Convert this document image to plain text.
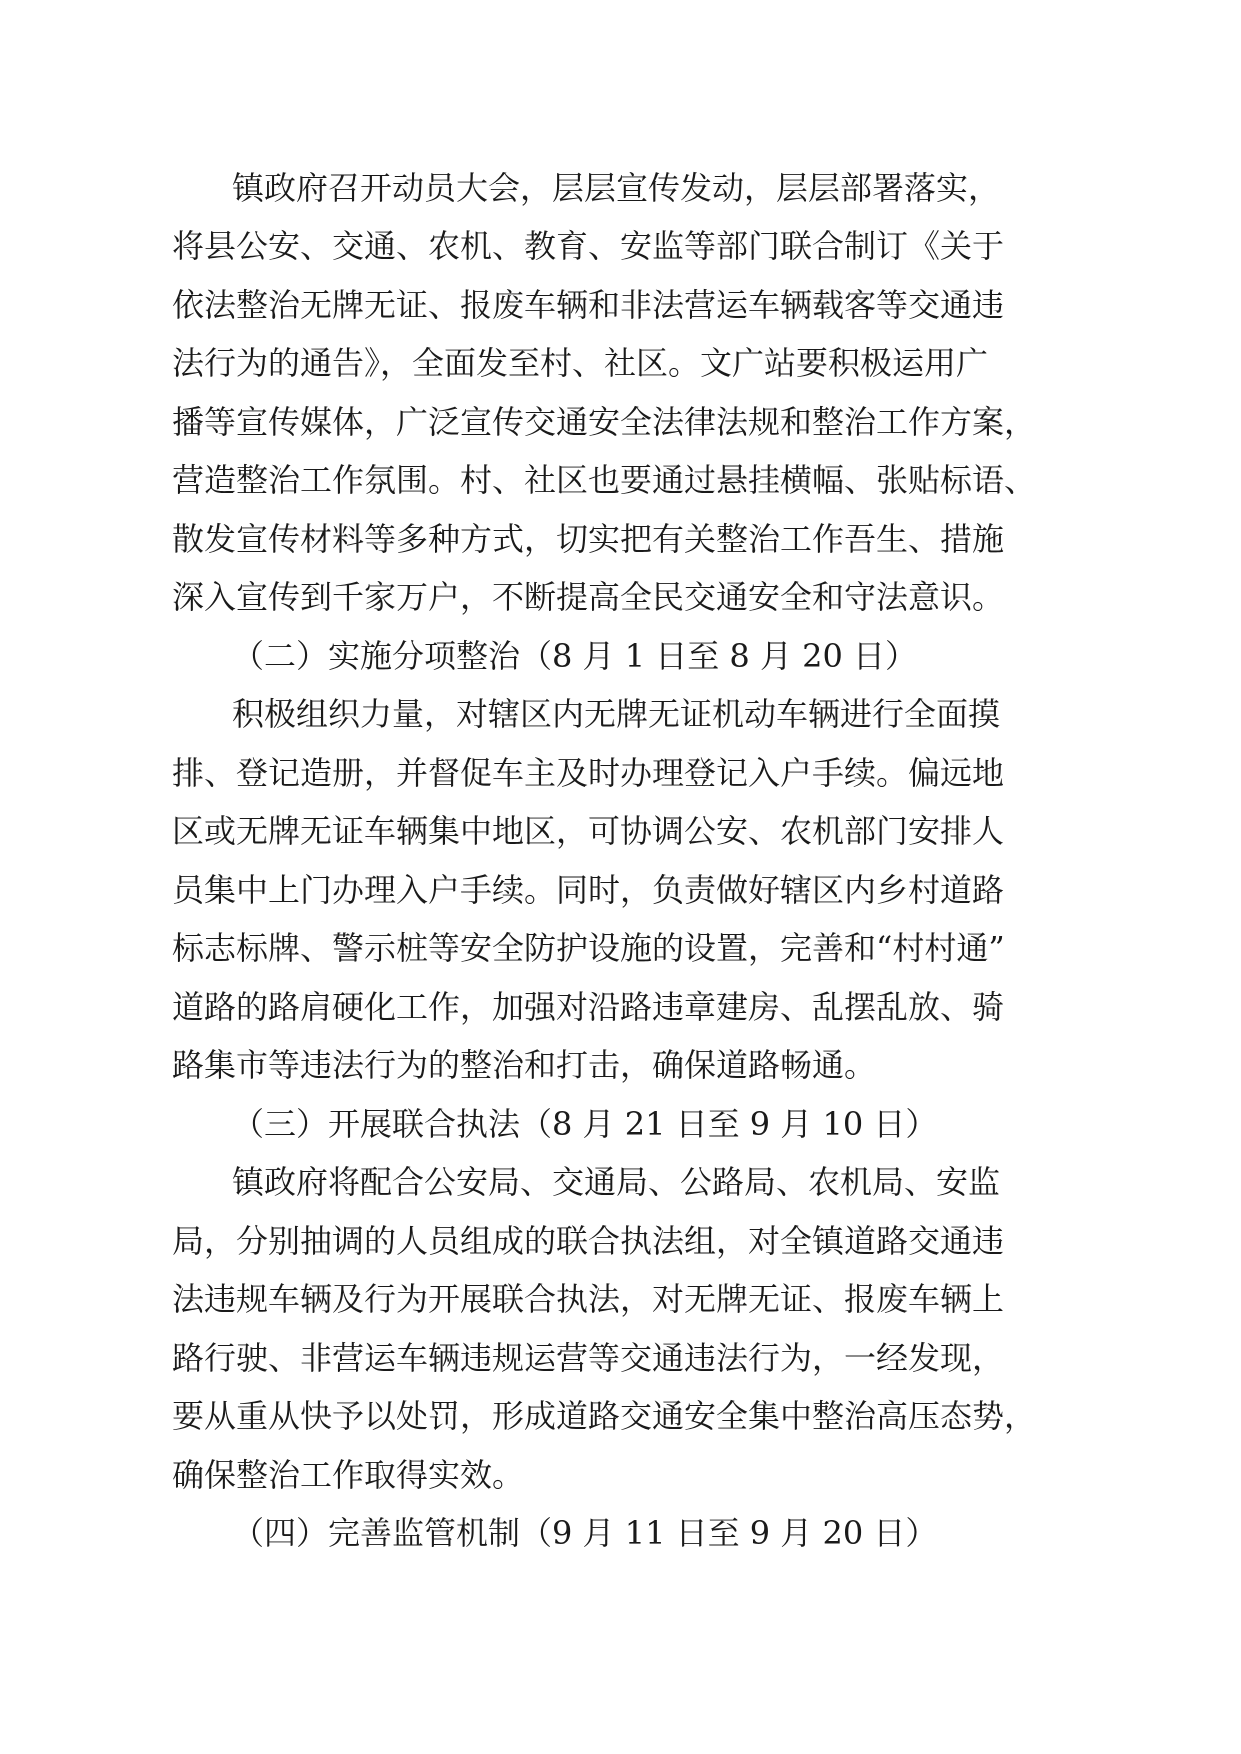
镇政府召开动员大会，层层宣传发动，层层部署落实，
将县公安、交通、农机、教育、安监等部门联合制订《关于
依法整治无牌无证、报废车辆和非法营运车辆载客等交通违
法行为的通告》，全面发至村、社区。文广站要积极运用广
播等宣传媒体，广泛宣传交通安全法律法规和整治工作方案，
营造整治工作氛围。村、社区也要通过悬挂横幅、张贴标语、
散发宣传材料等多种方式，切实把有关整治工作吾生、措施
深入宣传到千家万户，不断提高全民交通安全和守法意识。
（二）实施分项整治（8 月 1 日至 8 月 20 日）
积极组织力量，对辖区内无牌无证机动车辆进行全面摸
排、登记造册，并督促车主及时办理登记入户手续。偏远地
区或无牌无证车辆集中地区，可协调公安、农机部门安排人
员集中上门办理入户手续。同时，负责做好辖区内乡村道路
标志标牌、警示桩等安全防护设施的设置，完善和“村村通”
道路的路肩硬化工作，加强对沿路违章建房、乱摆乱放、骑
路集市等违法行为的整治和打击，确保道路畅通。
（三）开展联合执法（8 月 21 日至 9 月 10 日）
镇政府将配合公安局、交通局、公路局、农机局、安监
局，分别抽调的人员组成的联合执法组，对全镇道路交通违
法违规车辆及行为开展联合执法，对无牌无证、报废车辆上
路行驶、非营运车辆违规运营等交通违法行为，一经发现，
要从重从快予以处罚，形成道路交通安全集中整治高压态势，
确保整治工作取得实效。
（四）完善监管机制（9 月 11 日至 9 月 20 日）
